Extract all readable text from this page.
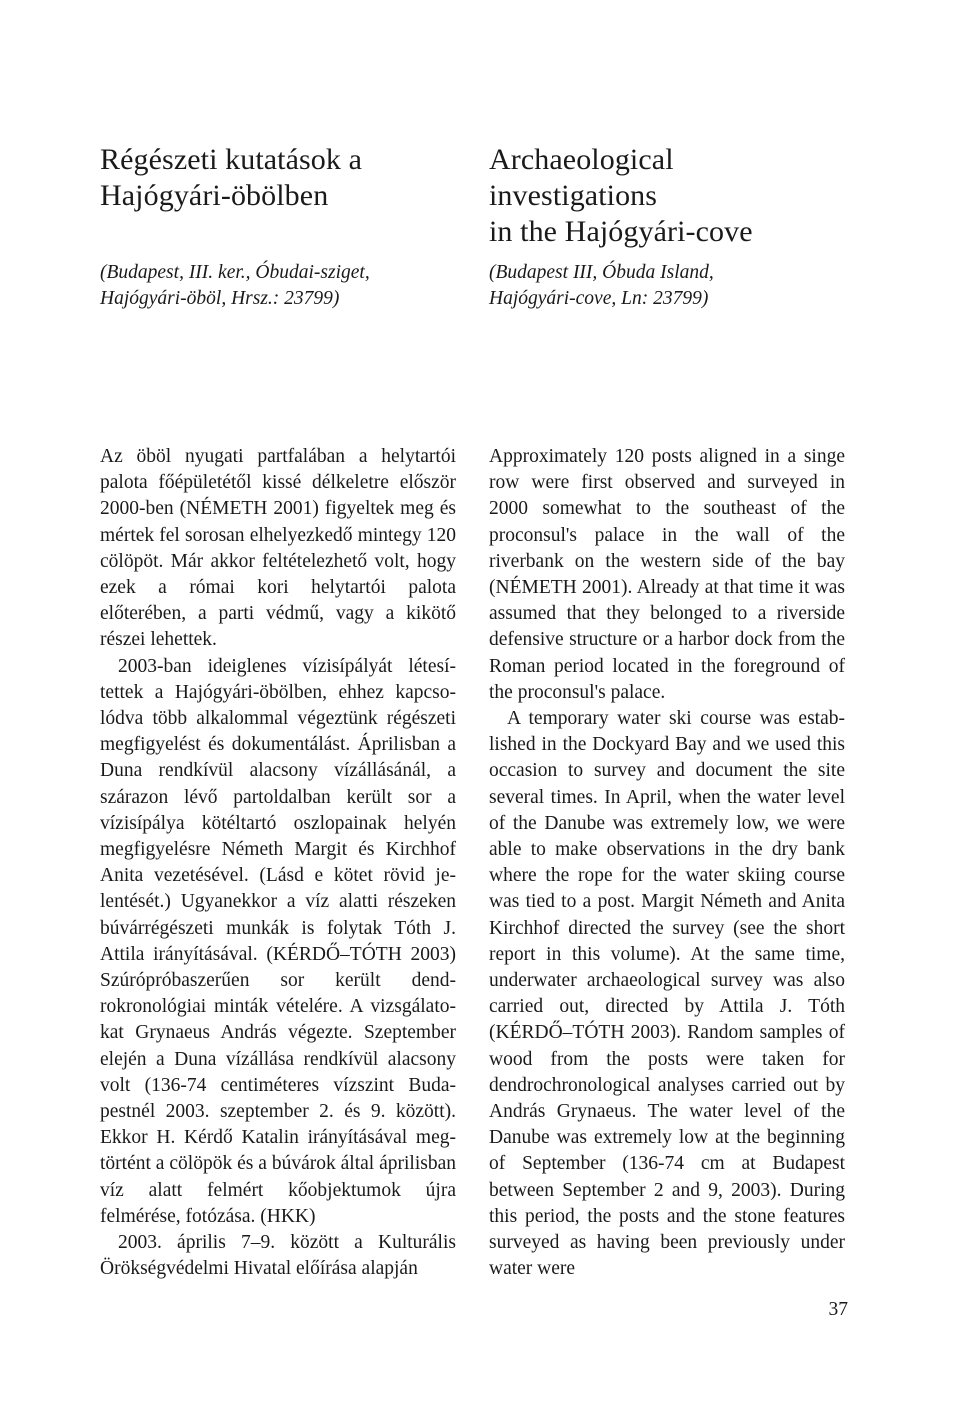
Régészeti kutatások a
Hajógyári-öbölben
(Budapest, III. ker., Óbudai-sziget,
Hajógyári-öböl, Hrsz.: 23799)

Az öböl nyugati partfalában a helytartói palota főépületétől kissé délkeletre először 2000-ben (NÉMETH 2001) figyeltek meg és mértek fel sorosan elhelyezkedő mintegy 120 cölöpöt. Már akkor feltételezhető volt, hogy ezek a római kori helytartói palota előterében, a parti védmű, vagy a kikötő részei lehettek.

2003-ban ideiglenes vízisípályát létesítettek a Hajógyári-öbölben, ehhez kapcsolódva több alkalommal végeztünk régészeti megfigyelést és dokumentálást. Áprilisban a Duna rendkívül alacsony vízállásánál, a szárazon lévő partoldalban került sor a vízisípálya kötéltartó oszlopainak helyén megfigyelésre Németh Margit és Kirchhof Anita vezetésével. (Lásd e kötet rövid jelentését.) Ugyanekkor a víz alatti részeken búvárrégészeti munkák is folytak Tóth J. Attila irányításával. (KÉRDŐ–TÓTH 2003) Szúrópróbaszerűen sor került dendrokronológiai minták vételére. A vizsgálatokat Grynaeus András végezte. Szeptember elején a Duna vízállása rendkívül alacsony volt (136-74 centiméteres vízszint Budapestnél 2003. szeptember 2. és 9. között). Ekkor H. Kérdő Katalin irányításával megtörtént a cölöpök és a búvárok által áprilisban víz alatt felmért kőobjektumok újra felmérése, fotózása. (HKK)

2003. április 7–9. között a Kulturális Örökségvédelmi Hivatal előírása alapján

Archaeological investigations
in the Hajógyári-cove
(Budapest III, Óbuda Island,
Hajógyári-cove, Ln: 23799)

Approximately 120 posts aligned in a singe row were first observed and surveyed in 2000 somewhat to the southeast of the proconsul's palace in the wall of the riverbank on the western side of the bay (NÉMETH 2001). Already at that time it was assumed that they belonged to a riverside defensive structure or a harbor dock from the Roman period located in the foreground of the proconsul's palace.

A temporary water ski course was established in the Dockyard Bay and we used this occasion to survey and document the site several times. In April, when the water level of the Danube was extremely low, we were able to make observations in the dry bank where the rope for the water skiing course was tied to a post. Margit Németh and Anita Kirchhof directed the survey (see the short report in this volume). At the same time, underwater archaeological survey was also carried out, directed by Attila J. Tóth (KÉRDŐ–TÓTH 2003). Random samples of wood from the posts were taken for dendrochronological analyses carried out by András Grynaeus. The water level of the Danube was extremely low at the beginning of September (136-74 cm at Budapest between September 2 and 9, 2003). During this period, the posts and the stone features surveyed as having been previously under water were

37
